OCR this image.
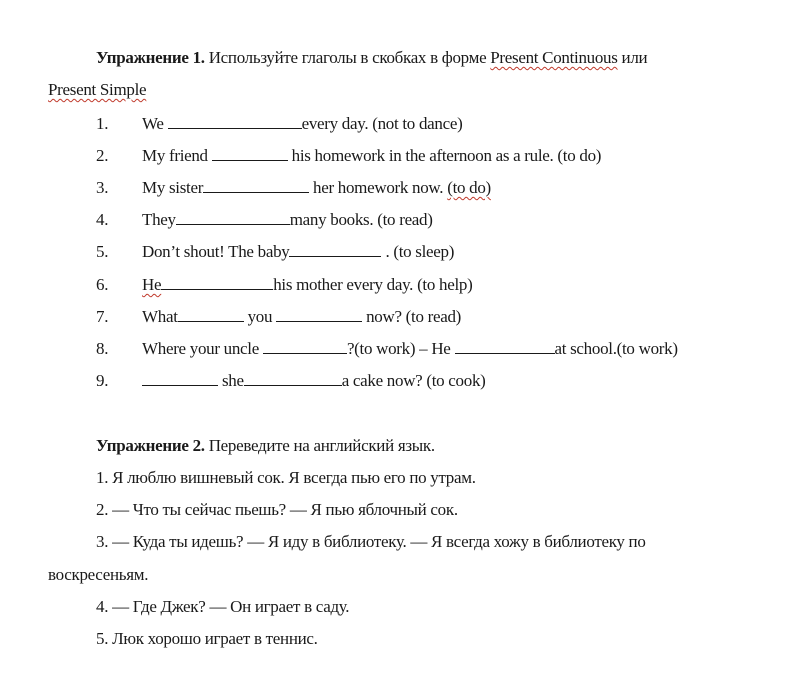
Упражнение 1. Используйте глаголы в скобках в форме Present Continuous или
Present Simple
1. We	every day. (not to dance)
2. My friend	his homework in the afternoon as a rule. (to do)
3. My sister	her homework now. (to do)
4. They	many books. (to read)
5. Don’t shout! The baby	. (to sleep)
6. He	his mother every day. (to help)
7. What	you	now? (to read)
8. Where your uncle	?(to work) – He	at school.(to work)
9.	she	a cake now? (to cook)
Упражнение 2. Переведите на английский язык.
1. Я люблю вишневый сок. Я всегда пью его по утрам.
2. — Что ты сейчас пьешь? — Я пью яблочный сок.
3. — Куда ты идешь? — Я иду в библиотеку. — Я всегда хожу в библиотеку по
воскресеньям.
4. — Где Джек? — Он играет в саду.
5. Люк хорошо играет в теннис.
